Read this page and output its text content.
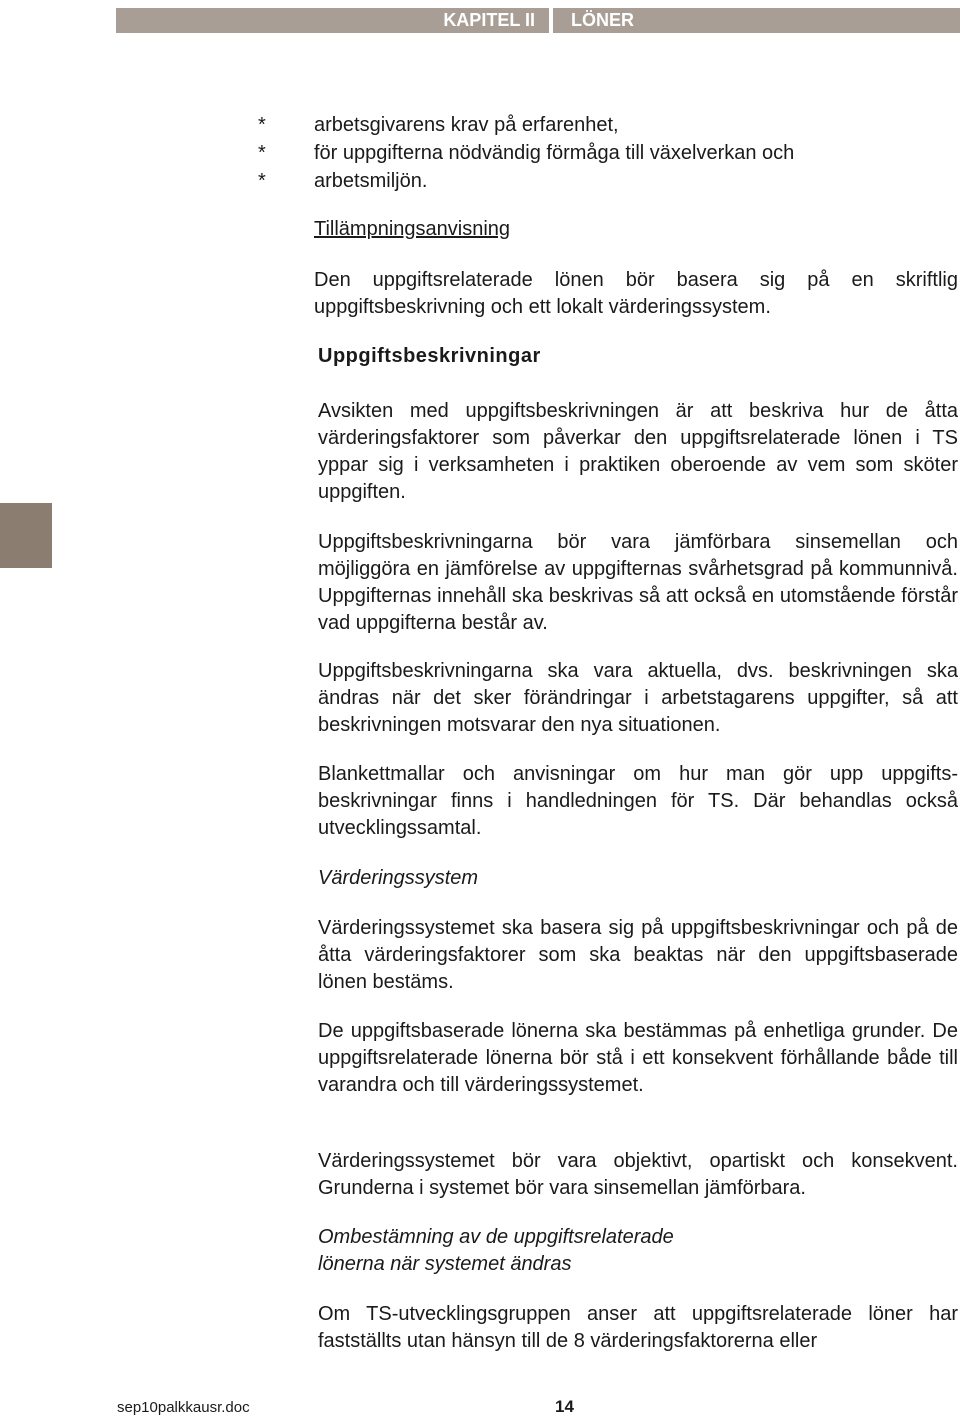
KAPITEL II	LÖNER
*	arbetsgivarens krav på erfarenhet,
*	för uppgifterna nödvändig förmåga till växelverkan och
*	arbetsmiljön.

Tillämpningsanvisning

Den uppgiftsrelaterade lönen bör basera sig på en skriftlig uppgiftsbeskrivning och ett lokalt värderingssystem.

Uppgiftsbeskrivningar

Avsikten med uppgiftsbeskrivningen är att beskriva hur de åtta värderingsfaktorer som påverkar den uppgiftsrelaterade lönen i TS yppar sig i verksamheten i praktiken oberoende av vem som sköter uppgiften.

Uppgiftsbeskrivningarna bör vara jämförbara sinsemellan och möjliggöra en jämförelse av uppgifternas svårhetsgrad på kommunnivå. Uppgifternas innehåll ska beskrivas så att också en utomstående förstår vad uppgifterna består av.

Uppgiftsbeskrivningarna ska vara aktuella, dvs. beskrivningen ska ändras när det sker förändringar i arbetstagarens uppgifter, så att beskrivningen motsvarar den nya situationen.

Blankettmallar och anvisningar om hur man gör upp uppgiftsbeskrivningar finns i handledningen för TS. Där behandlas också utvecklingssamtal.

Värderingssystem

Värderingssystemet ska basera sig på uppgiftsbeskrivningar och på de åtta värderingsfaktorer som ska beaktas när den uppgiftsbaserade lönen bestäms.

De uppgiftsbaserade lönerna ska bestämmas på enhetliga grunder. De uppgiftsrelaterade lönerna bör stå i ett konsekvent förhållande både till varandra och till värderingssystemet.

Värderingssystemet bör vara objektivt, opartiskt och konsekvent. Grunderna i systemet bör vara sinsemellan jämförbara.

Ombestämning av de uppgiftsrelaterade

lönerna när systemet ändras

Om TS-utvecklingsgruppen anser att uppgiftsrelaterade löner har fastställts utan hänsyn till de 8 värderingsfaktorerna eller

sep10palkkausr.doc	14
